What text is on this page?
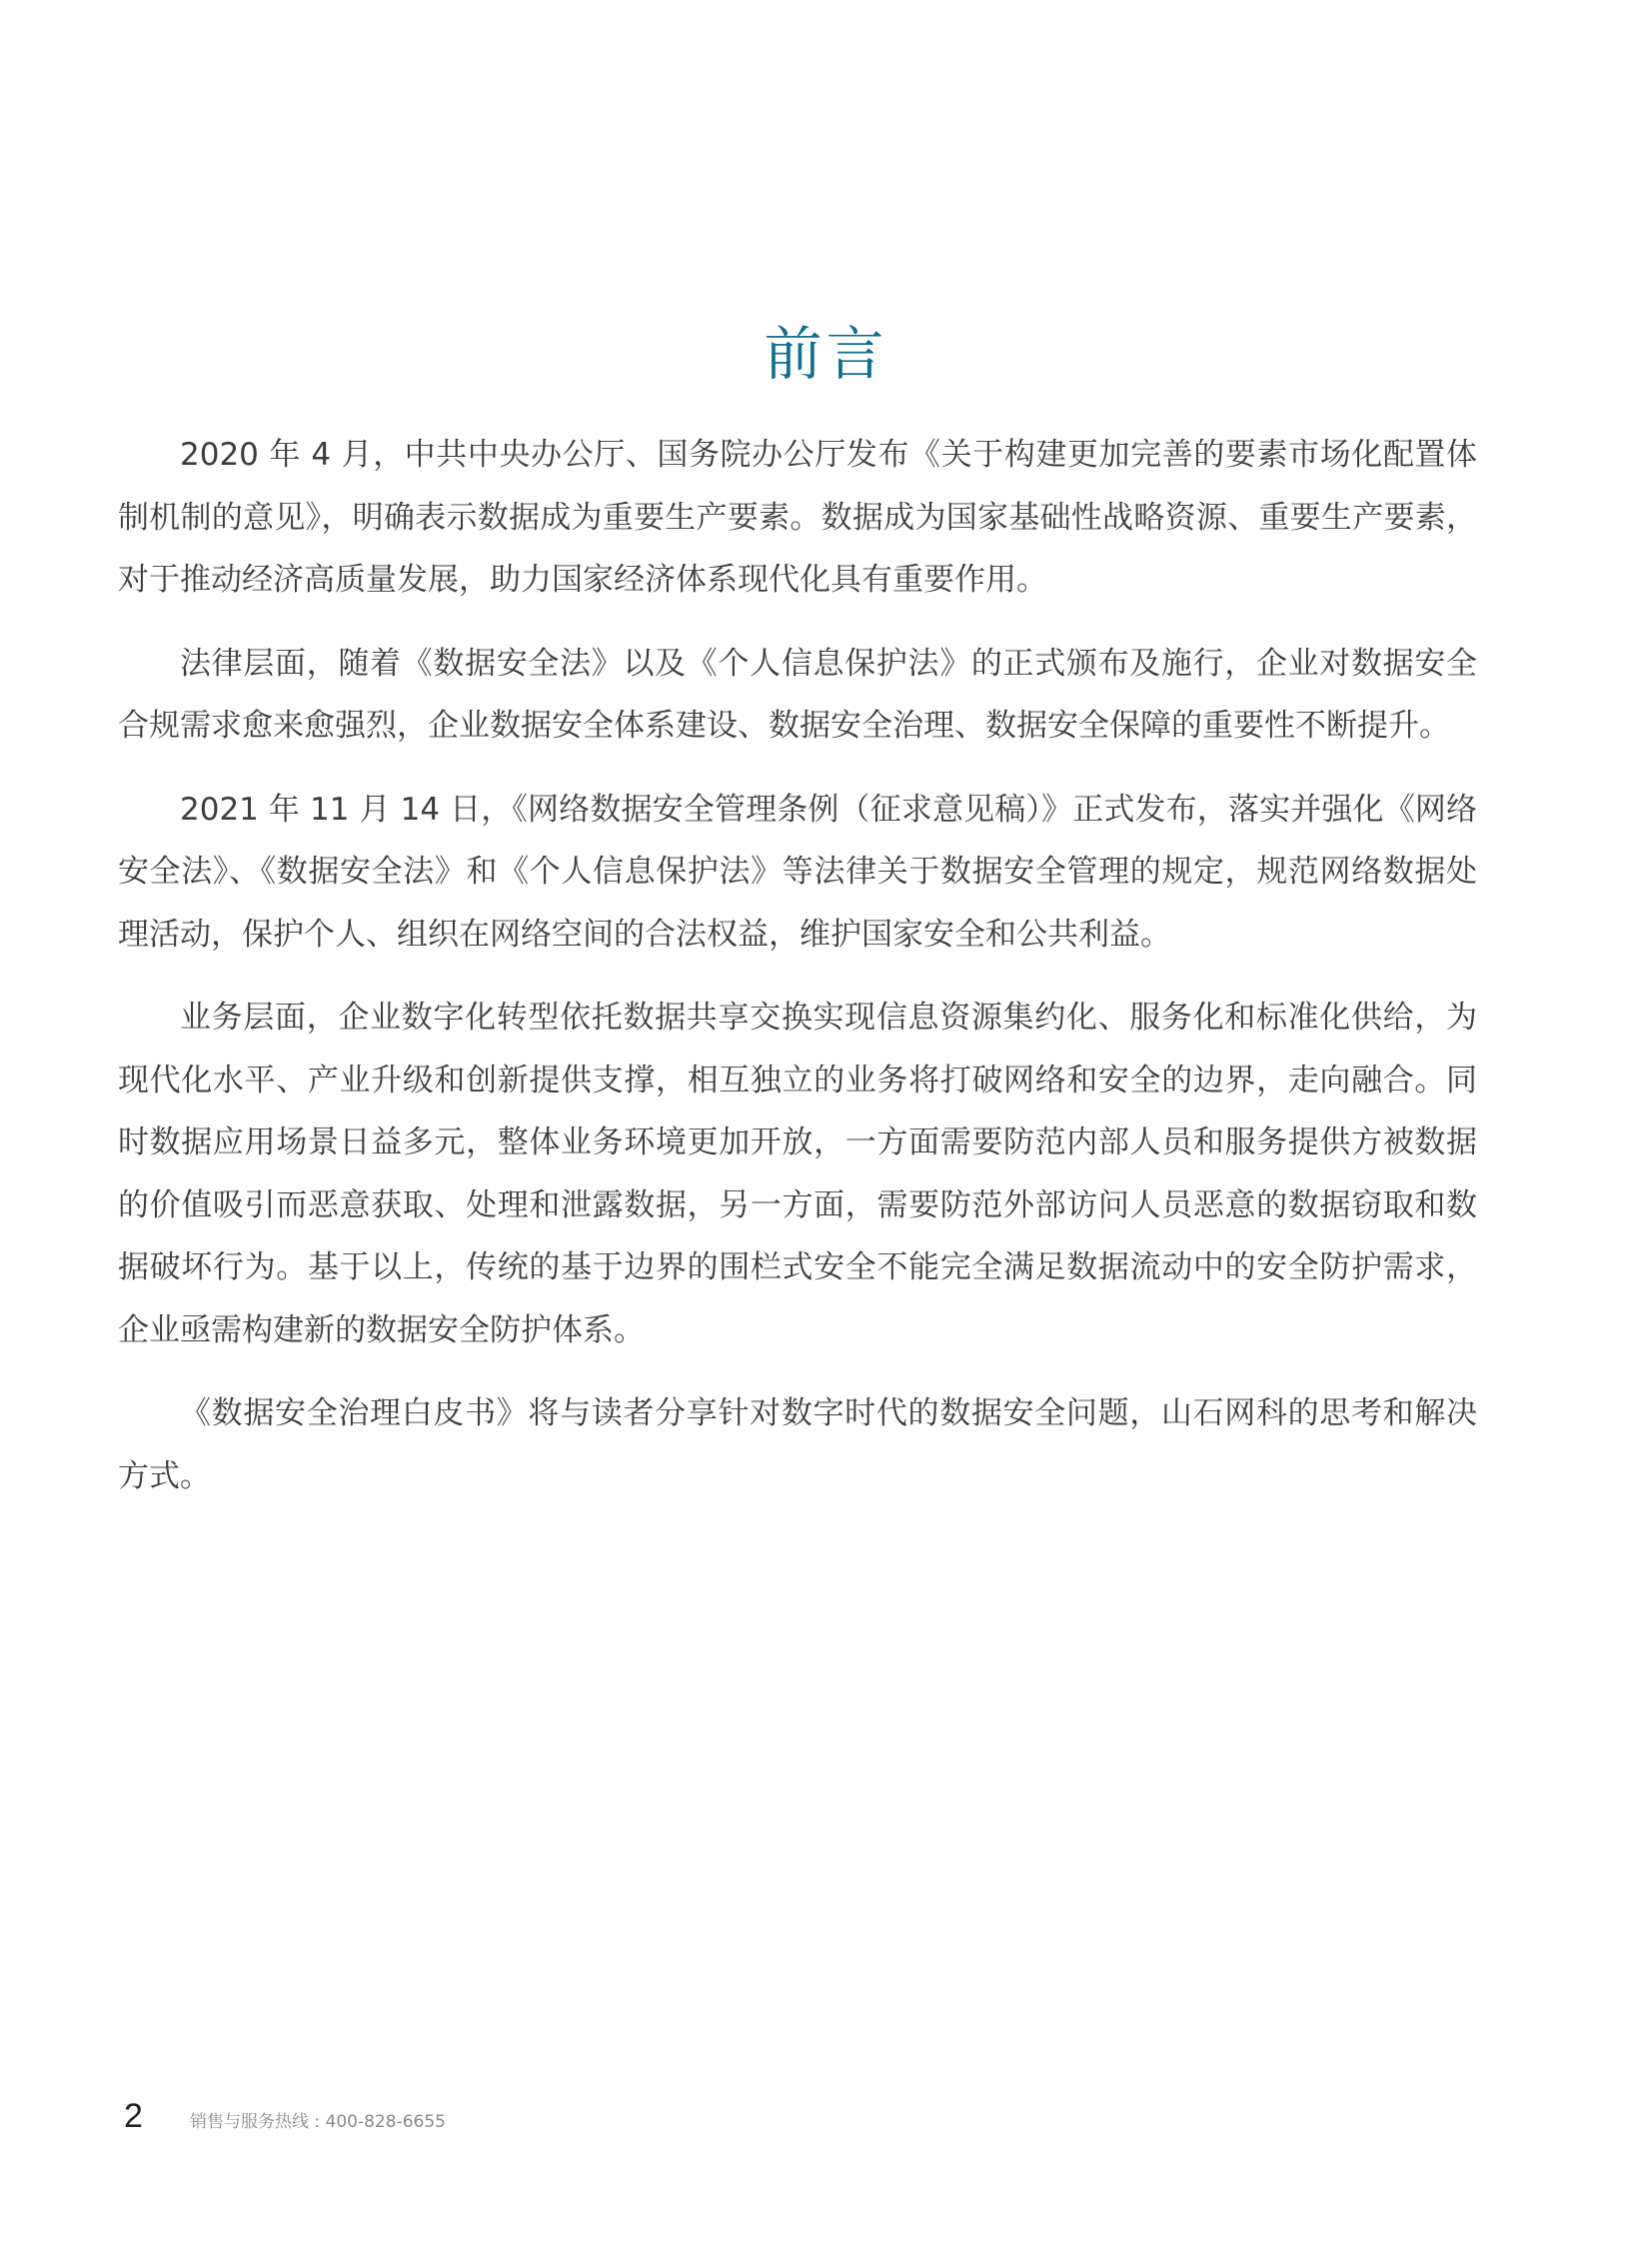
前言

2020 年 4 月，中共中央办公厅、国务院办公厅发布《关于构建更加完善的要素市场化配置体制机制的意见》，明确表示数据成为重要生产要素。数据成为国家基础性战略资源、重要生产要素，对于推动经济高质量发展，助力国家经济体系现代化具有重要作用。

法律层面，随着《数据安全法》以及《个人信息保护法》的正式颁布及施行，企业对数据安全合规需求愈来愈强烈，企业数据安全体系建设、数据安全治理、数据安全保障的重要性不断提升。

2021 年 11 月 14 日，《网络数据安全管理条例（征求意见稿）》正式发布，落实并强化《网络安全法》、《数据安全法》和《个人信息保护法》等法律关于数据安全管理的规定，规范网络数据处理活动，保护个人、组织在网络空间的合法权益，维护国家安全和公共利益。

业务层面，企业数字化转型依托数据共享交换实现信息资源集约化、服务化和标准化供给，为现代化水平、产业升级和创新提供支撑，相互独立的业务将打破网络和安全的边界，走向融合。同时数据应用场景日益多元，整体业务环境更加开放，一方面需要防范内部人员和服务提供方被数据的价值吸引而恶意获取、处理和泄露数据，另一方面，需要防范外部访问人员恶意的数据窃取和数据破坏行为。基于以上，传统的基于边界的围栏式安全不能完全满足数据流动中的安全防护需求，企业亟需构建新的数据安全防护体系。

《数据安全治理白皮书》将与读者分享针对数字时代的数据安全问题，山石网科的思考和解决方式。

2	销售与服务热线 : 400-828-6655
